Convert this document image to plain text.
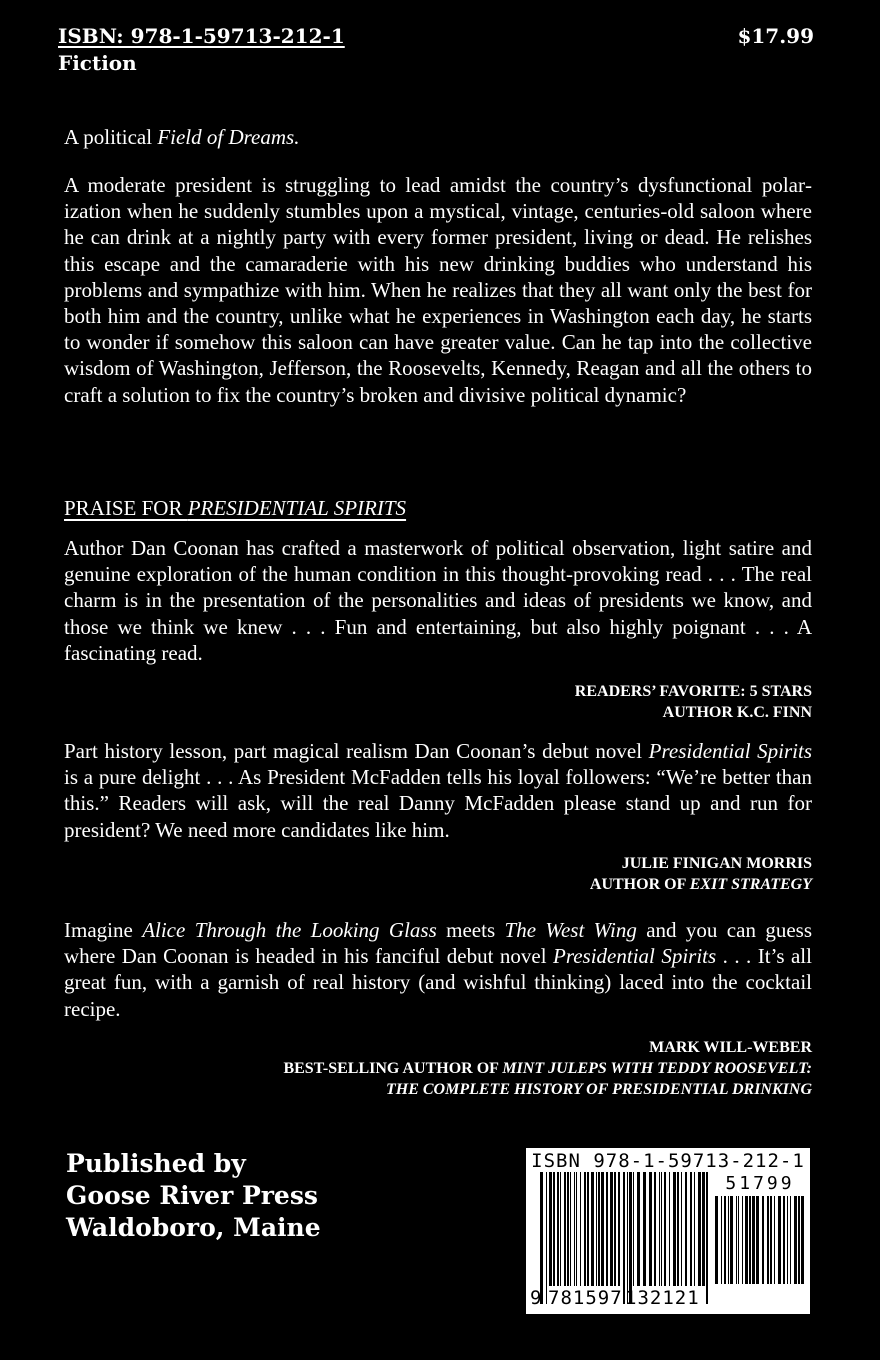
ISBN: 978-1-59713-212-1
Fiction
$17.99
A political Field of Dreams.

A moderate president is struggling to lead amidst the country’s dysfunctional polarization when he suddenly stumbles upon a mystical, vintage, centuries-old saloon where he can drink at a nightly party with every former president, living or dead. He relishes this escape and the camaraderie with his new drinking buddies who understand his problems and sympathize with him. When he realizes that they all want only the best for both him and the country, unlike what he experiences in Washington each day, he starts to wonder if somehow this saloon can have greater value. Can he tap into the collective wisdom of Washington, Jefferson, the Roosevelts, Kennedy, Reagan and all the others to craft a solution to fix the country’s broken and divisive political dynamic?

PRAISE FOR PRESIDENTIAL SPIRITS

Author Dan Coonan has crafted a masterwork of political observation, light satire and genuine exploration of the human condition in this thought-provoking read . . . The real charm is in the presentation of the personalities and ideas of presidents we know, and those we think we knew . . . Fun and entertaining, but also highly poignant . . . A fascinating read.

READERS’ FAVORITE: 5 STARS
AUTHOR K.C. FINN

Part history lesson, part magical realism Dan Coonan’s debut novel Presidential Spirits is a pure delight . . . As President McFadden tells his loyal followers: “We’re better than this.” Readers will ask, will the real Danny McFadden please stand up and run for president? We need more candidates like him.

JULIE FINIGAN MORRIS
AUTHOR OF EXIT STRATEGY

Imagine Alice Through the Looking Glass meets The West Wing and you can guess where Dan Coonan is headed in his fanciful debut novel Presidential Spirits . . . It’s all great fun, with a garnish of real history (and wishful thinking) laced into the cocktail recipe.

MARK WILL-WEBER
BEST-SELLING AUTHOR OF MINT JULEPS WITH TEDDY ROOSEVELT:
THE COMPLETE HISTORY OF PRESIDENTIAL DRINKING
Published by
Goose River Press
Waldoboro, Maine
ISBN 978-1-59713-212-1
51799
9 781597 132121
